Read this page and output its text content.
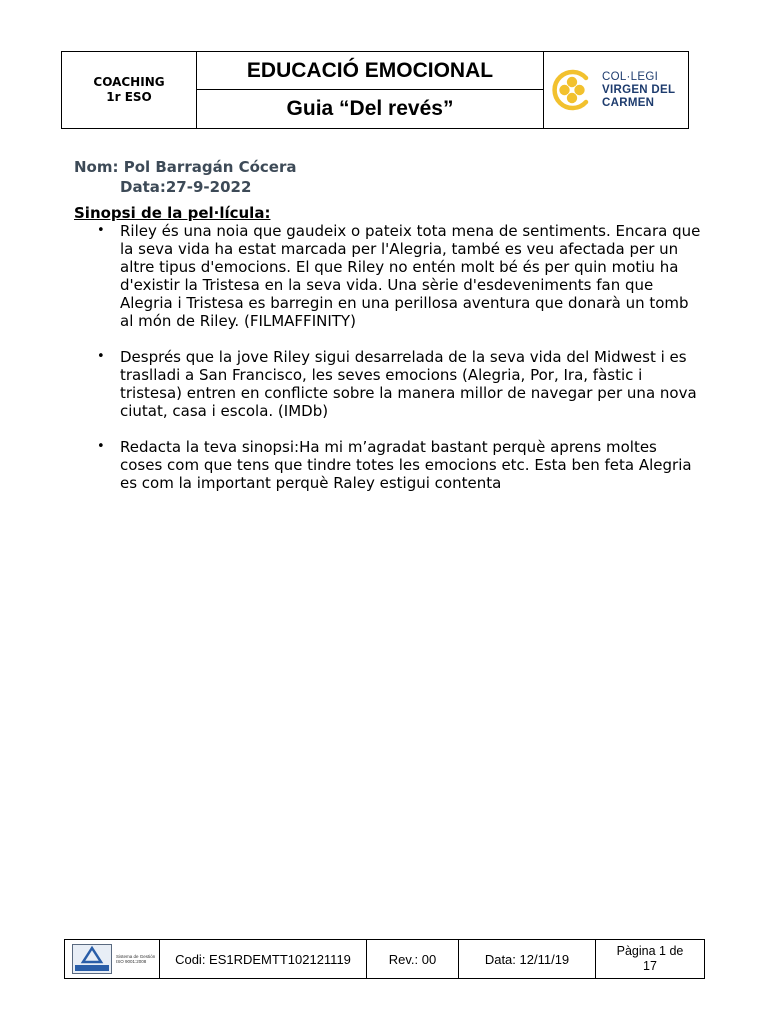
COACHING
1r ESO
EDUCACIÓ EMOCIONAL
Guia “Del revés”
COL·LEGI
VIRGEN DEL
CARMEN
Nom: Pol Barragán Cócera
Data:27-9-2022
Sinopsi de la pel·lícula:
• Riley és una noia que gaudeix o pateix tota mena de sentiments. Encara que la seva vida ha estat marcada per l'Alegria, també es veu afectada per un altre tipus d'emocions. El que Riley no entén molt bé és per quin motiu ha d'existir la Tristesa en la seva vida. Una sèrie d'esdeveniments fan que Alegria i Tristesa es barregin en una perillosa aventura que donarà un tomb al món de Riley. (FILMAFFINITY)
• Després que la jove Riley sigui desarrelada de la seva vida del Midwest i es traslladi a San Francisco, les seves emocions (Alegria, Por, Ira, fàstic i tristesa) entren en conflicte sobre la manera millor de navegar per una nova ciutat, casa i escola. (IMDb)
• Redacta la teva sinopsi:Ha mi m’agradat bastant perquè aprens moltes coses com que tens que tindre totes les emocions etc. Esta ben feta Alegria es com la important perquè Raley estigui contenta
Sistema de Gestión ISO 9001:2008	Codi: ES1RDEMTT102121119	Rev.: 00	Data: 12/11/19
Pàgina 1 de
17
